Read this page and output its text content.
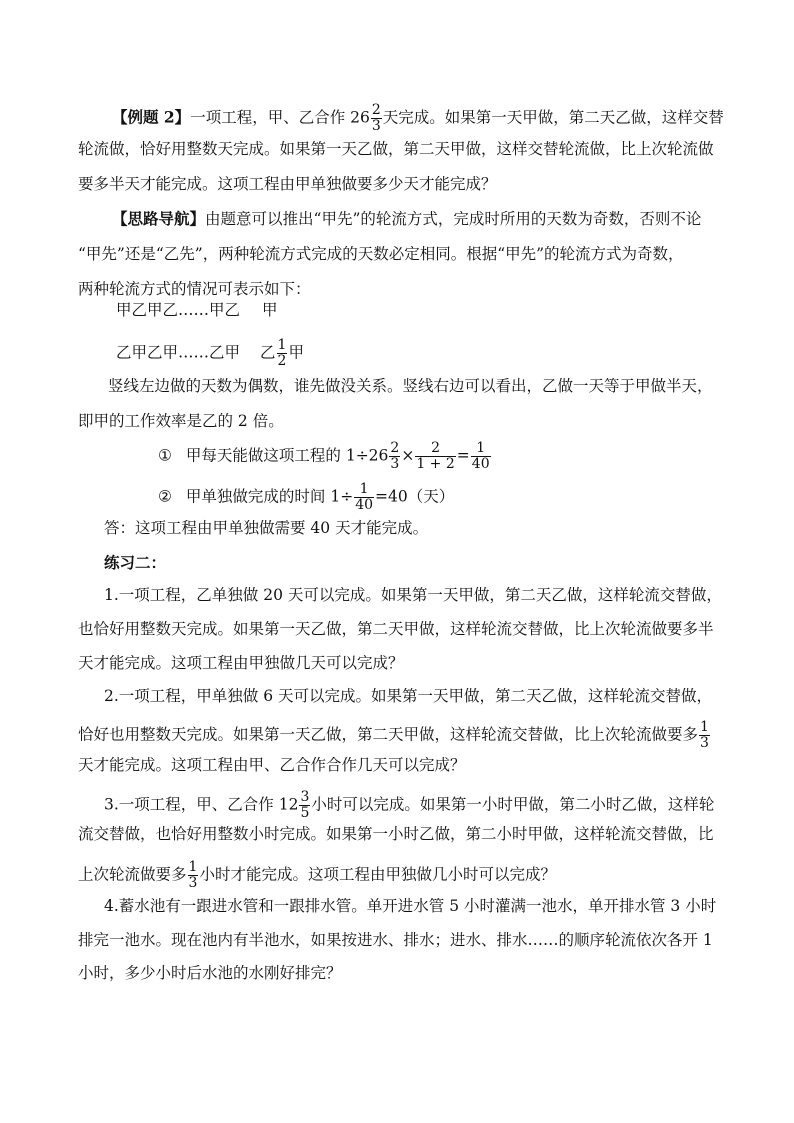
【例题 2】一项工程，甲、乙合作 $26 \frac{2}{3}$ 天完成。如果第一天甲做，第二天乙做，这样交替
轮流做，恰好用整数天完成。如果第一天乙做，第二天甲做，这样交替轮流做，比上次轮流做
要多半天才能完成。这项工程由甲单独做要多少天才能完成？
【思路导航】由题意可以推出“甲先”的轮流方式，完成时所用的天数为奇数，否则不论
“甲先”还是“乙先”，两种轮流方式完成的天数必定相同。根据“甲先”的轮流方式为奇数，
两种轮流方式的情况可表示如下：
甲乙甲乙……甲乙 甲
乙甲乙甲……乙甲 乙 $\frac{1}{2}$ 甲
竖线左边做的天数为偶数，谁先做没关系。竖线右边可以看出，乙做一天等于甲做半天，
即甲的工作效率是乙的 2 倍。
① 甲每天能做这项工程的 $1\div 26 \frac{2}{3} \times \frac{2}{1 + 2} = \frac{1}{40}$
② 甲单独做完成的时间 $1\div \frac{1}{40} =40$（天）
答：这项工程由甲单独做需要 40 天才能完成。
练习二：
1.一项工程，乙单独做 20 天可以完成。如果第一天甲做，第二天乙做，这样轮流交替做，
也恰好用整数天完成。如果第一天乙做，第二天甲做，这样轮流交替做，比上次轮流做要多半
天才能完成。这项工程由甲独做几天可以完成？
2.一项工程，甲单独做 6 天可以完成。如果第一天甲做，第二天乙做，这样轮流交替做，
恰好也用整数天完成。如果第一天乙做，第二天甲做，这样轮流交替做，比上次轮流做要多 $\frac{1}{3}$
天才能完成。这项工程由甲、乙合作合作几天可以完成？
3.一项工程，甲、乙合作 $12 \frac{3}{5}$ 小时可以完成。如果第一小时甲做，第二小时乙做，这样轮
流交替做，也恰好用整数小时完成。如果第一小时乙做，第二小时甲做，这样轮流交替做，比
上次轮流做要多 $\frac{1}{3}$ 小时才能完成。这项工程由甲独做几小时可以完成？
4.蓄水池有一跟进水管和一跟排水管。单开进水管 5 小时灌满一池水，单开排水管 3 小时
排完一池水。现在池内有半池水，如果按进水、排水；进水、排水……的顺序轮流依次各开 1
小时，多少小时后水池的水刚好排完？
